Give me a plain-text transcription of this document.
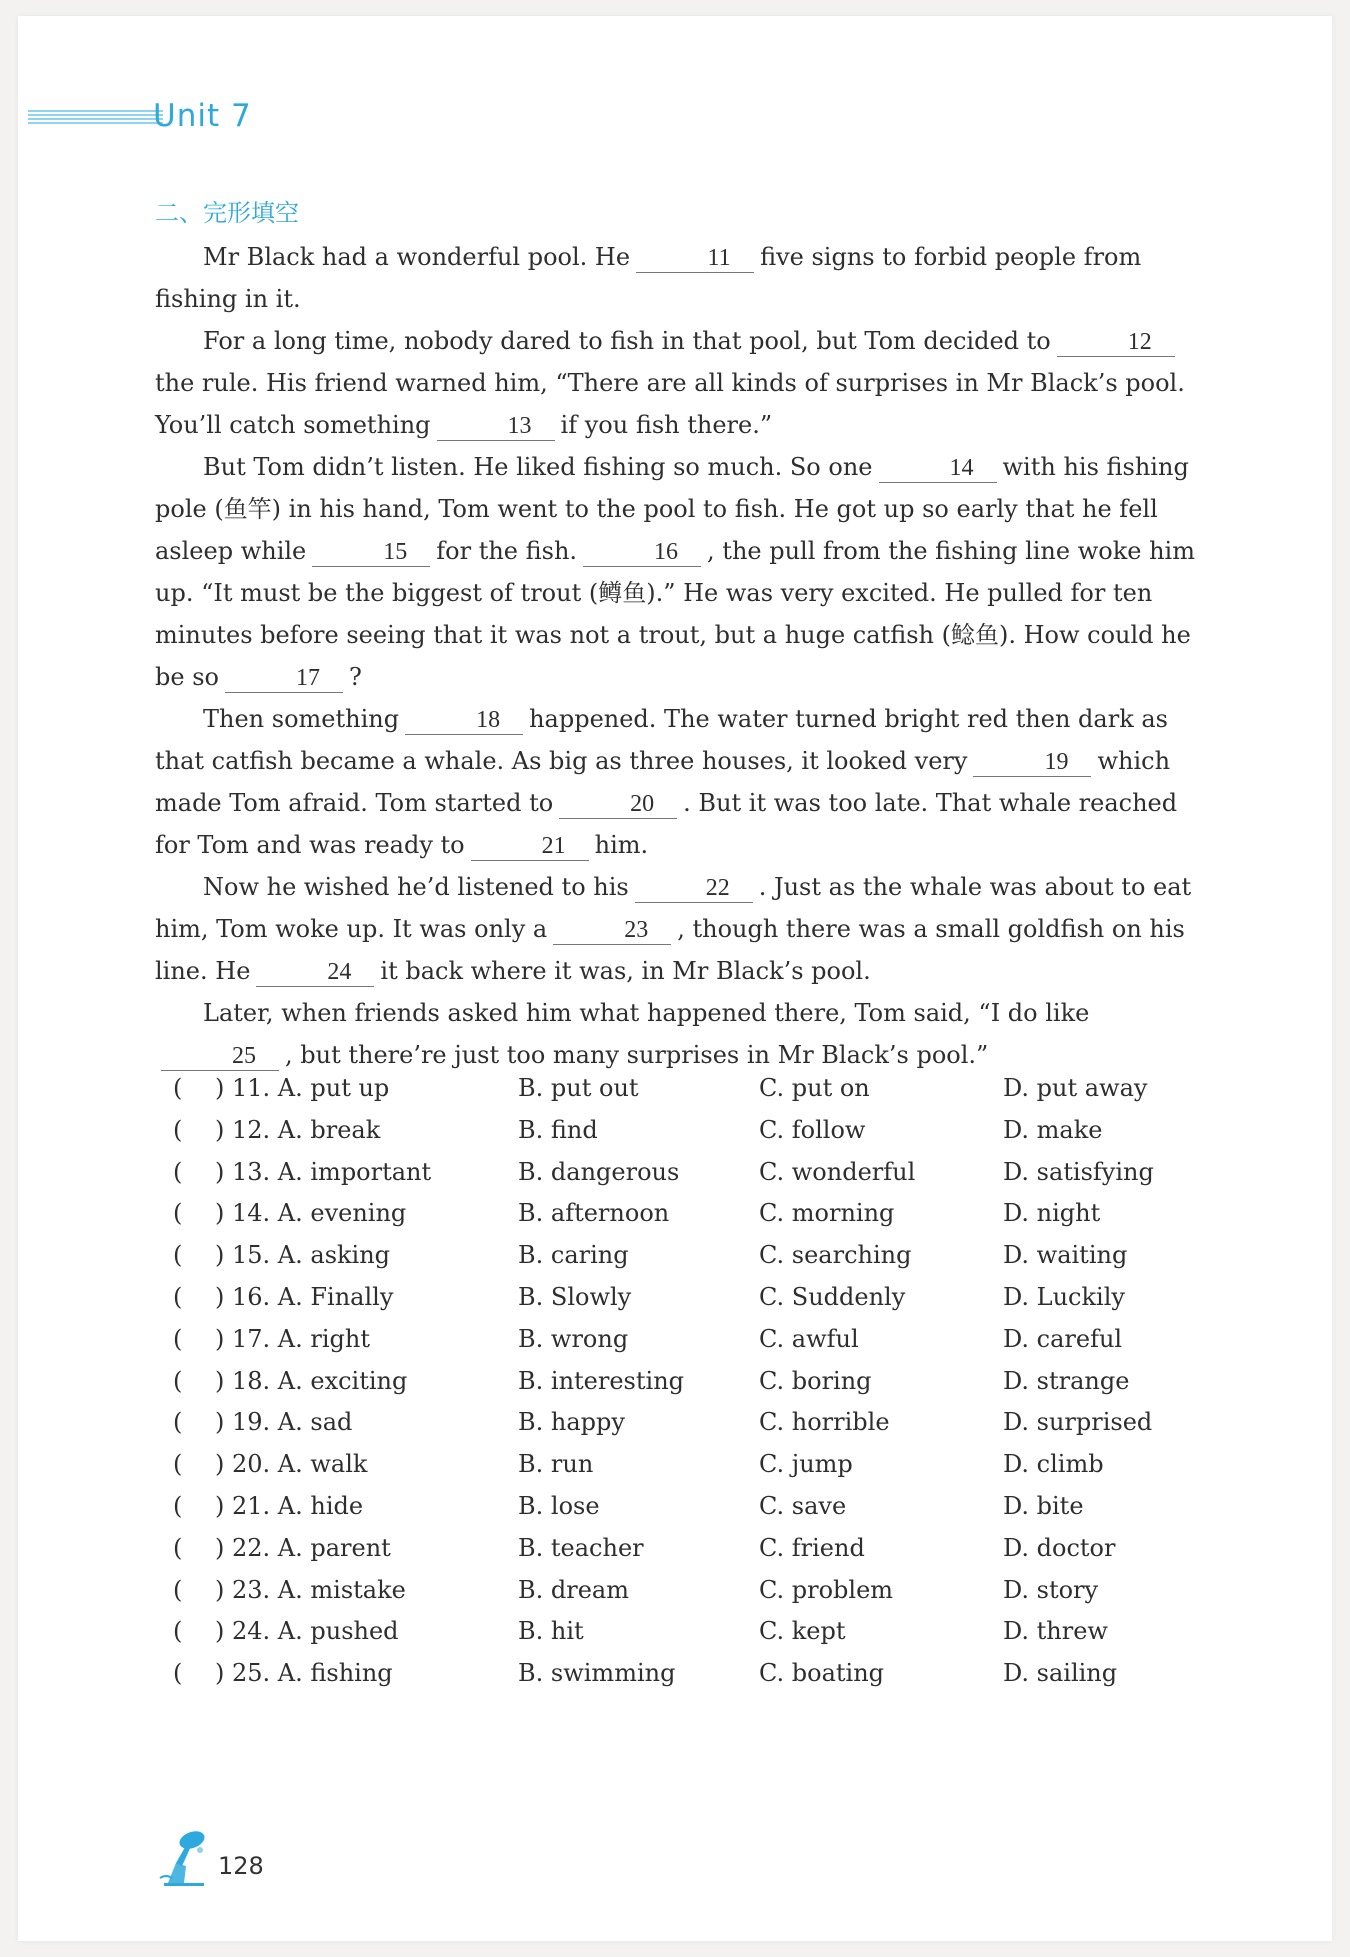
Unit 7
二、完形填空

Mr Black had a wonderful pool. He	11 five signs to forbid people from fishing in it.

For a long time, nobody dared to fish in that pool, but Tom decided to	12the rule. His friend warned him, “There are all kinds of surprises in Mr Black’s pool. You’ll catch something	13 if you fish there.”

But Tom didn’t listen. He liked fishing so much. So one	14 with his fishing pole (鱼竿) in his hand, Tom went to the pool to fish. He got up so early that he fell asleep while	15 for the fish.	16 , the pull from the fishing line woke him up. “It must be the biggest of trout (鳟鱼).” He was very excited. He pulled for ten minutes before seeing that it was not a trout, but a huge catfish (鲶鱼). How could he be so	17 ?

Then something	18 happened. The water turned bright red then dark as that catfish became a whale. As big as three houses, it looked very	19 which made Tom afraid. Tom started to	20 . But it was too late. That whale reached for Tom and was ready to	21 him.

Now he wished he’d listened to his	22 . Just as the whale was about to eat him, Tom woke up. It was only a	23 , though there was a small goldfish on his line. He	24 it back where it was, in Mr Black’s pool.

Later, when friends asked him what happened there, Tom said, “I do like25 , but there’re just too many surprises in Mr Black’s pool.”

( ) 11. A. put up	B. put out	C. put on	D. put away
( ) 12. A. break	B. find	C. follow	D. make
( ) 13. A. important	B. dangerous	C. wonderful	D. satisfying
( ) 14. A. evening	B. afternoon	C. morning	D. night
( ) 15. A. asking	B. caring	C. searching	D. waiting
( ) 16. A. Finally	B. Slowly	C. Suddenly	D. Luckily
( ) 17. A. right	B. wrong	C. awful	D. careful
( ) 18. A. exciting	B. interesting	C. boring	D. strange
( ) 19. A. sad	B. happy	C. horrible	D. surprised
( ) 20. A. walk	B. run	C. jump	D. climb
( ) 21. A. hide	B. lose	C. save	D. bite
( ) 22. A. parent	B. teacher	C. friend	D. doctor
( ) 23. A. mistake	B. dream	C. problem	D. story
( ) 24. A. pushed	B. hit	C. kept	D. threw
( ) 25. A. fishing	B. swimming	C. boating	D. sailing
128
